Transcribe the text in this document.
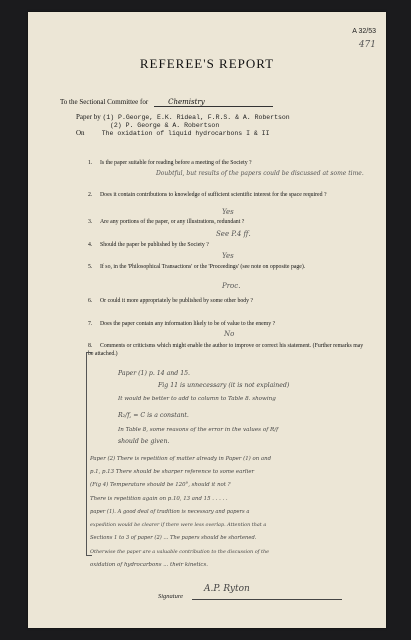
A 32/53
471
REFEREE'S REPORT
To the Sectional Committee for	Chemistry
Paper by (1) P.George, E.K. Rideal, F.R.S. & A. Robertson
(2) P. George & A. Robertson
On	The oxidation of liquid hydrocarbons I & II
1. Is the paper suitable for reading before a meeting of the Society ?
Doubtful, but results of the papers could be discussed at some time.
2. Does it contain contributions to knowledge of sufficient scientific interest for the space required ?
Yes
3. Are any portions of the paper, or any illustrations, redundant ?
See P.4 ff.
4. Should the paper be published by the Society ?
Yes
5. If so, in the 'Philosophical Transactions' or the 'Proceedings' (see note on opposite page).
Proc.
6. Or could it more appropriately be published by some other body ?
7. Does the paper contain any information likely to be of value to the enemy ?
No
8. Comments or criticisms which might enable the author to improve or correct his statement. (Further remarks may be attached.)
Paper (1) p. 14 and 15.
Fig 11 is unnecessary (it is not explained)
It would be better to add to column to Table 8. showing
R₂/f, = C is a constant.
In Table 8, some reasons of the error in the values of R/f
should be given.
Paper (2) There is repetition of matter already in Paper (1) on and
p.1, p.13 There should be sharper reference to some earlier
(Fig 4) Temperature should be 120°, should it not ?
There is repetition again on p.10, 13 and 15 . . . . .
paper (1). A good deal of tradition is necessary and papers a
expedition would be clearer if there were less overlap. Attention that a
Sections 1 to 3 of paper (2) ... The papers should be shortened.
Otherwise the paper are a valuable contribution to the discussion of the
oxidation of hydrocarbons ... their kinetics.
Signature
A.P. Ryton
